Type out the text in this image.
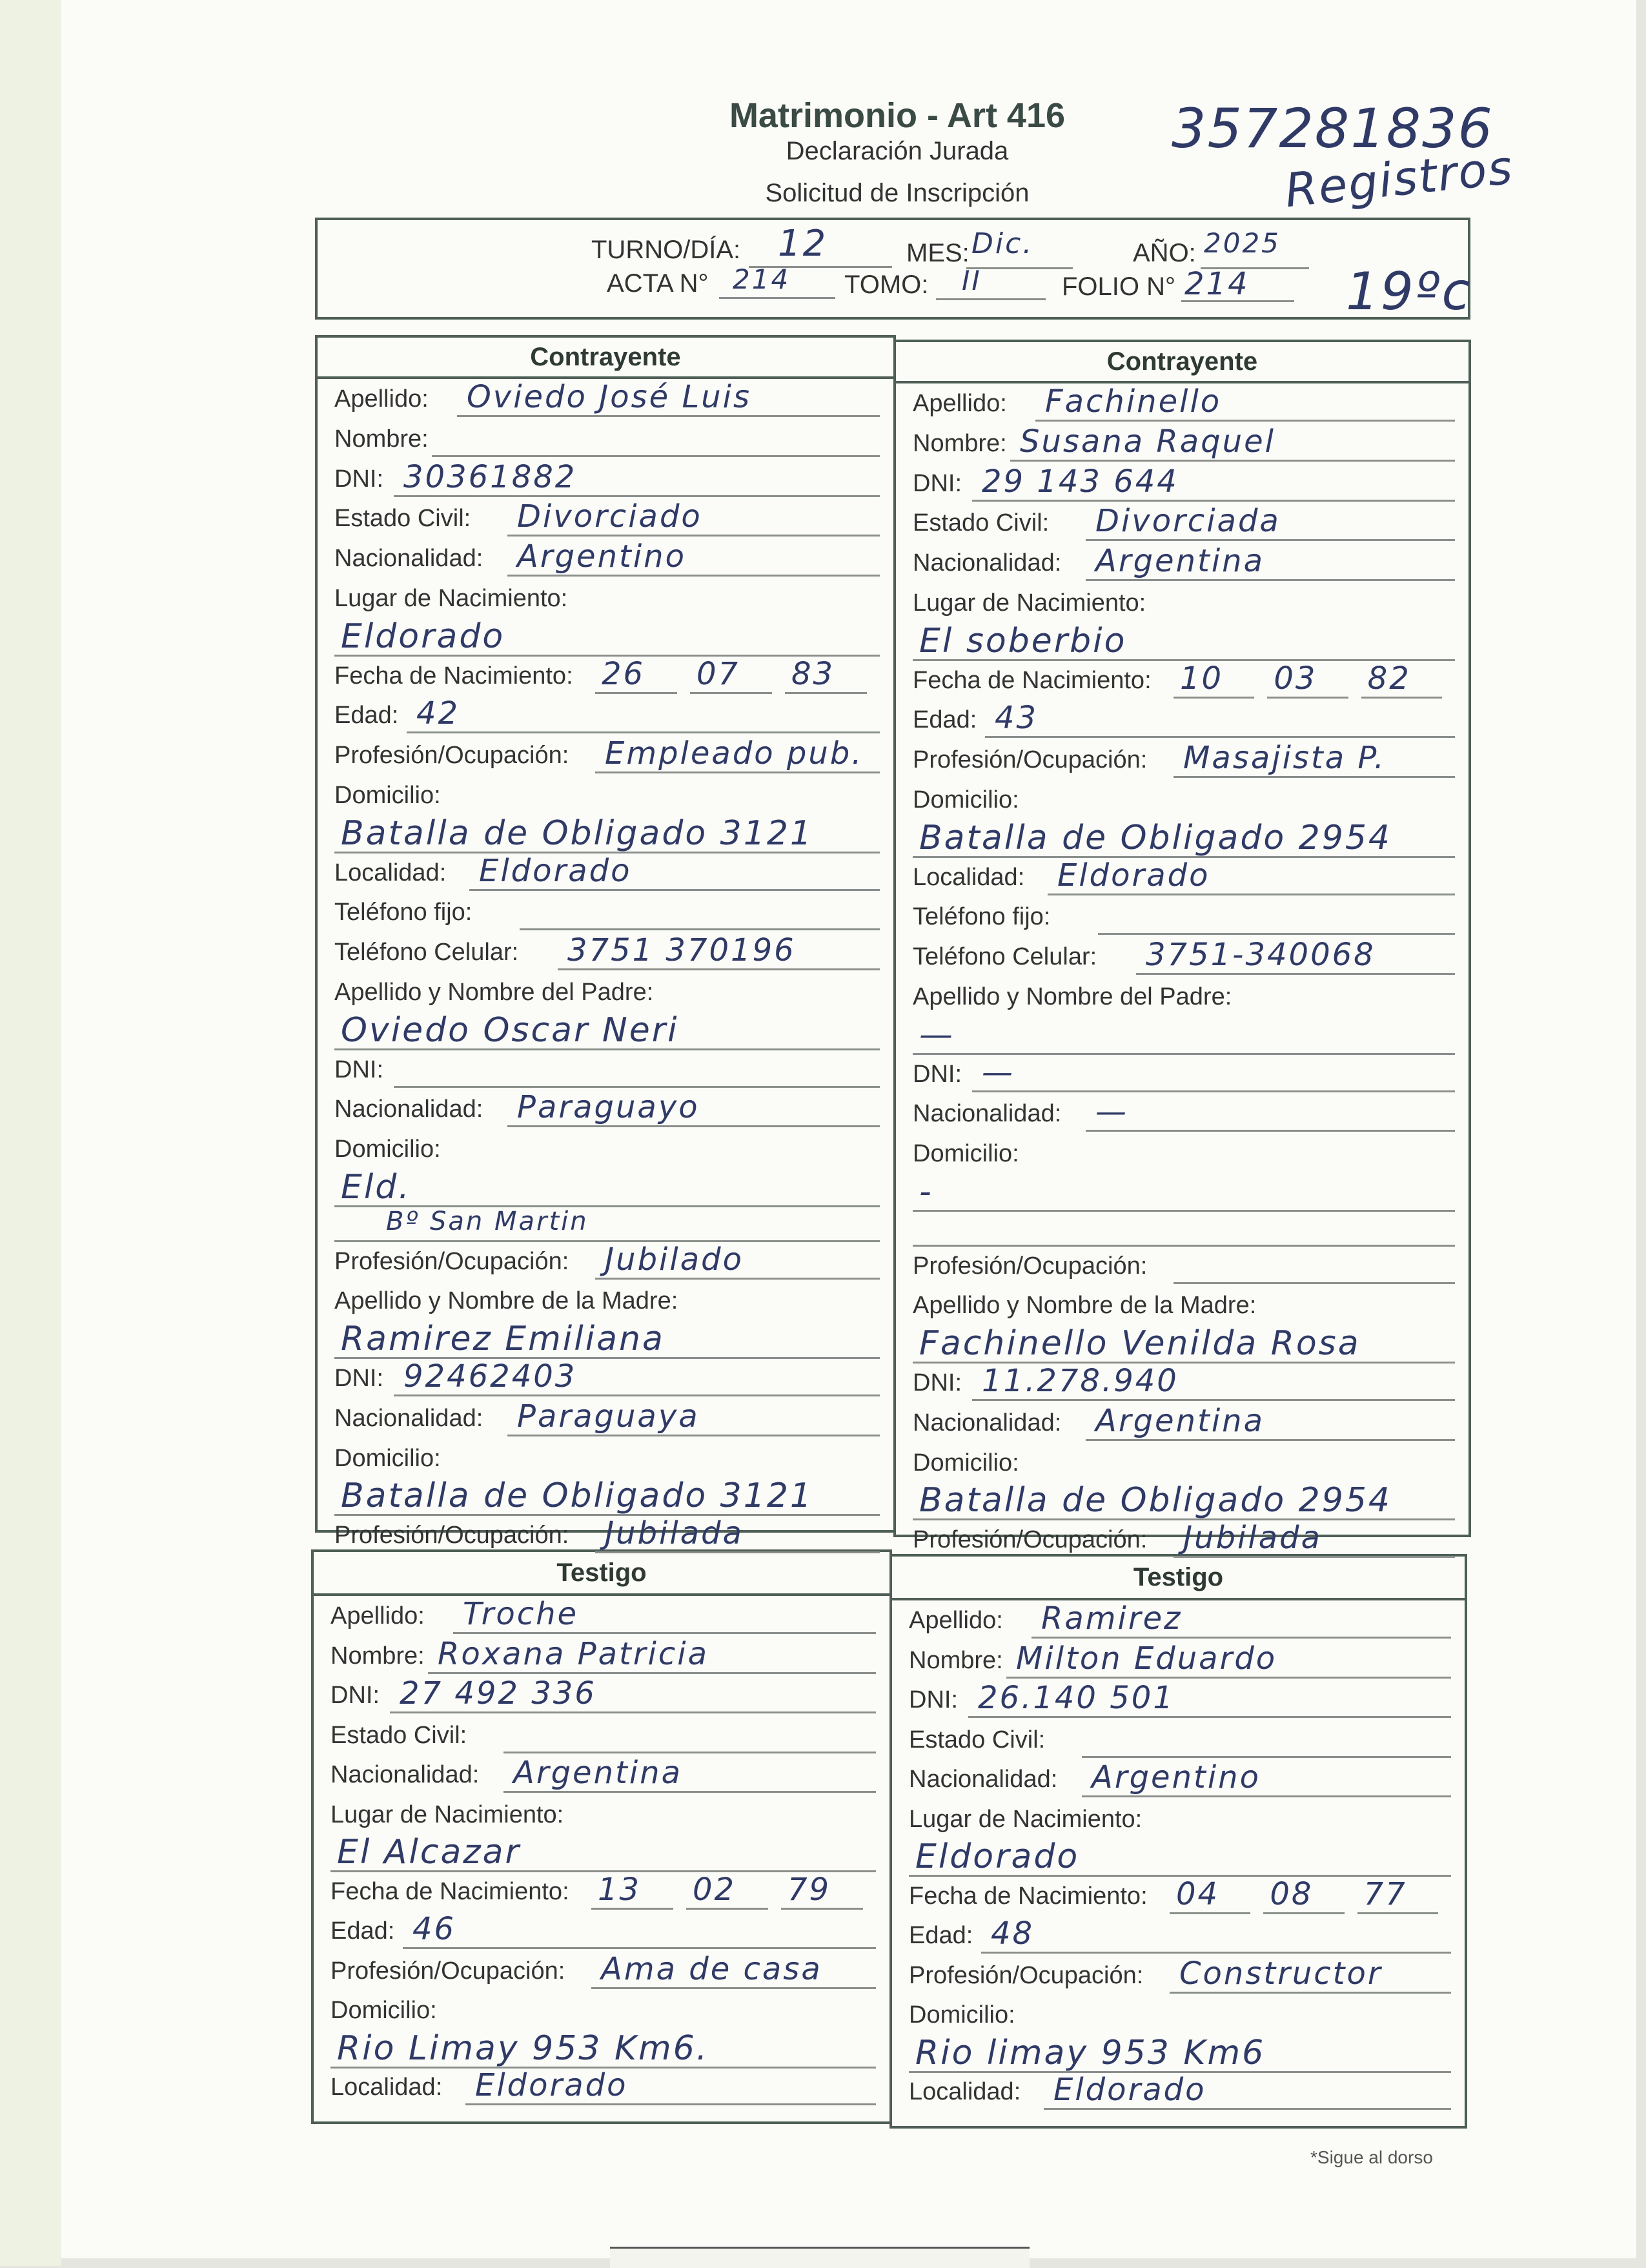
Matrimonio - Art 416
Declaración Jurada
Solicitud de Inscripción
357281836
Registros
TURNO/DÍA: 12	MES: Dic.	AÑO: 2025
ACTA N° 214 TOMO: II	FOLIO N° 214 19ºc
Contrayente	Contrayente
Testigo	Testigo
Apellido: Oviedo José Luis
Nombre:
DNI: 30361882
Estado Civil: Divorciado
Nacionalidad: Argentino
Lugar de Nacimiento:
Eldorado
Fecha de Nacimiento: 26 07 83
Edad: 42
Profesión/Ocupación: Empleado pub.
Domicilio:
Batalla de Obligado 3121
Localidad: Eldorado
Teléfono fijo:
Teléfono Celular: 3751 370196
Apellido y Nombre del Padre:
Oviedo Oscar Neri
DNI:
Nacionalidad: Paraguayo
Domicilio:
Eld.
Bº San Martin
Profesión/Ocupación: Jubilado
Apellido y Nombre de la Madre:
Ramirez Emiliana
DNI: 92462403
Nacionalidad: Paraguaya
Domicilio:
Batalla de Obligado 3121
Profesión/Ocupación: Jubilada
Apellido: Fachinello
Nombre: Susana Raquel
DNI: 29 143 644
Estado Civil: Divorciada
Nacionalidad: Argentina
Lugar de Nacimiento:
El soberbio
Fecha de Nacimiento: 10 03 82
Edad: 43
Profesión/Ocupación: Masajista P.
Domicilio:
Batalla de Obligado 2954
Localidad: Eldorado
Teléfono fijo:
Teléfono Celular: 3751-340068
Apellido y Nombre del Padre:
—
DNI: —
Nacionalidad: —
Domicilio:
-
Profesión/Ocupación:
Apellido y Nombre de la Madre:
Fachinello Venilda Rosa
DNI: 11.278.940
Nacionalidad: Argentina
Domicilio:
Batalla de Obligado 2954
Profesión/Ocupación: Jubilada
Apellido: Troche
Nombre: Roxana Patricia
DNI: 27 492 336
Estado Civil:
Nacionalidad: Argentina
Lugar de Nacimiento:
El Alcazar
Fecha de Nacimiento: 13 02 79
Edad: 46
Profesión/Ocupación: Ama de casa
Domicilio:
Rio Limay 953 Km6.
Localidad: Eldorado
Apellido: Ramirez
Nombre: Milton Eduardo
DNI: 26.140 501
Estado Civil:
Nacionalidad: Argentino
Lugar de Nacimiento:
Eldorado
Fecha de Nacimiento: 04 08 77
Edad: 48
Profesión/Ocupación: Constructor
Domicilio:
Rio limay 953 Km6
Localidad: Eldorado
*Sigue al dorso
